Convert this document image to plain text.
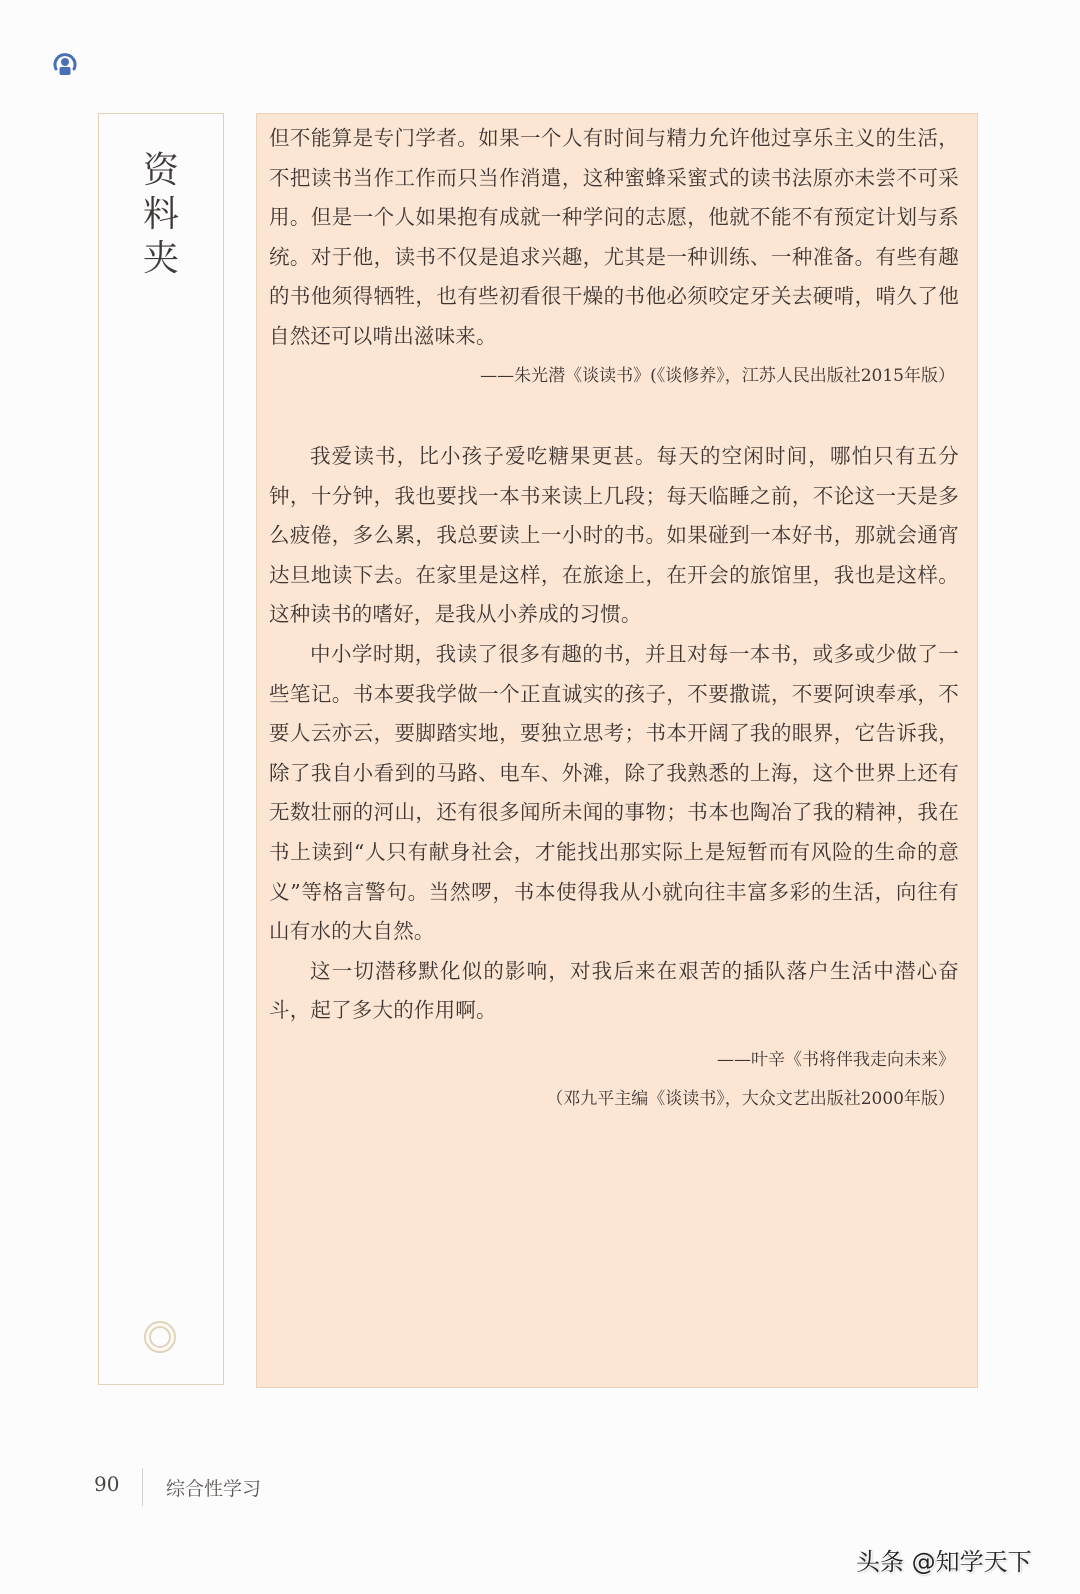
资
料
夹

但不能算是专门学者。如果一个人有时间与精力允许他过享乐主义的生活，不把读书当作工作而只当作消遣，这种蜜蜂采蜜式的读书法原亦未尝不可采用。但是一个人如果抱有成就一种学问的志愿，他就不能不有预定计划与系统。对于他，读书不仅是追求兴趣，尤其是一种训练、一种准备。有些有趣的书他须得牺牲，也有些初看很干燥的书他必须咬定牙关去硬啃，啃久了他自然还可以啃出滋味来。

——朱光潜《谈读书》(《谈修养》，江苏人民出版社2015年版）

我爱读书，比小孩子爱吃糖果更甚。每天的空闲时间，哪怕只有五分钟，十分钟，我也要找一本书来读上几段；每天临睡之前，不论这一天是多么疲倦，多么累，我总要读上一小时的书。如果碰到一本好书，那就会通宵达旦地读下去。在家里是这样，在旅途上，在开会的旅馆里，我也是这样。这种读书的嗜好，是我从小养成的习惯。

中小学时期，我读了很多有趣的书，并且对每一本书，或多或少做了一些笔记。书本要我学做一个正直诚实的孩子，不要撒谎，不要阿谀奉承，不要人云亦云，要脚踏实地，要独立思考；书本开阔了我的眼界，它告诉我，除了我自小看到的马路、电车、外滩，除了我熟悉的上海，这个世界上还有无数壮丽的河山，还有很多闻所未闻的事物；书本也陶冶了我的精神，我在书上读到“人只有献身社会，才能找出那实际上是短暂而有风险的生命的意义”等格言警句。当然啰，书本使得我从小就向往丰富多彩的生活，向往有山有水的大自然。

这一切潜移默化似的影响，对我后来在艰苦的插队落户生活中潜心奋斗，起了多大的作用啊。

——叶辛《书将伴我走向未来》
（邓九平主编《谈读书》，大众文艺出版社2000年版）
90 综合性学习
头条 @知学天下
